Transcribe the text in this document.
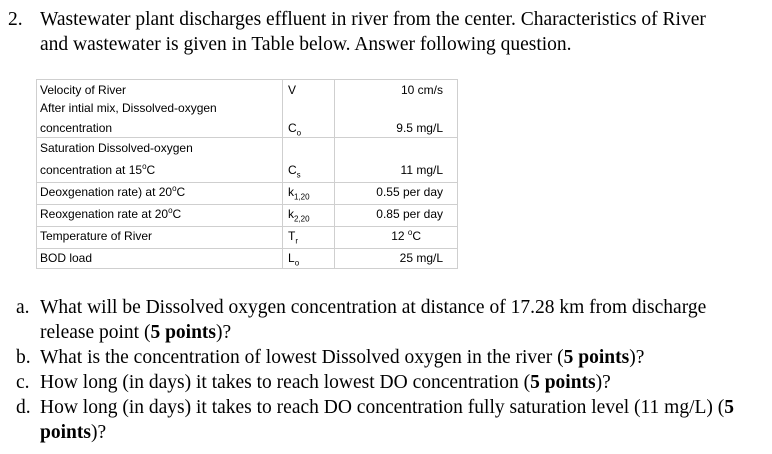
2. Wastewater plant discharges effluent in river from the center. Characteristics of River
and wastewater is given in Table below. Answer following question.
Velocity of River	V	10 cm/s
After intial mix, Dissolved-oxygen
concentration	$C_o$	9.5 mg/L
Saturation Dissolved-oxygen
concentration at 15$^o$C	$C_s$	11 mg/L
Deoxgenation rate) at 20$^o$C	$k_{1,20}$	0.55 per day
Reoxgenation rate at 20$^o$C	$k_{2,20}$	0.85 per day
Temperature of River	$T_r$	12 $^o$C
BOD load	$L_o$	25 mg/L
a. What will be Dissolved oxygen concentration at distance of 17.28 km from discharge
release point (5 points)?
b. What is the concentration of lowest Dissolved oxygen in the river (5 points)?
c. How long (in days) it takes to reach lowest DO concentration (5 points)?
d. How long (in days) it takes to reach DO concentration fully saturation level (11 mg/L) (5
points)?
